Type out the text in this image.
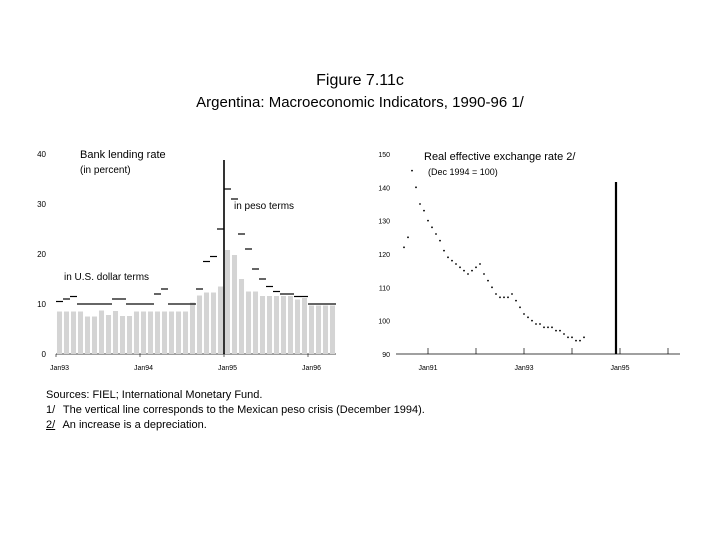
Figure 7.11c
Argentina: Macroeconomic Indicators, 1990-96 1/
0
10
20
30
40
Jan93	Jan94	Jan95	Jan96
Bank lending rate
(in percent)
in peso terms
in U.S. dollar terms
90
100
110
120
130
140
150
Jan91	Jan93	Jan95
Real effective exchange rate 2/
(Dec 1994 = 100)
Sources: FIEL; International Monetary Fund.
1/ The vertical line corresponds to the Mexican peso crisis (December 1994).
2/ An increase is a depreciation.
